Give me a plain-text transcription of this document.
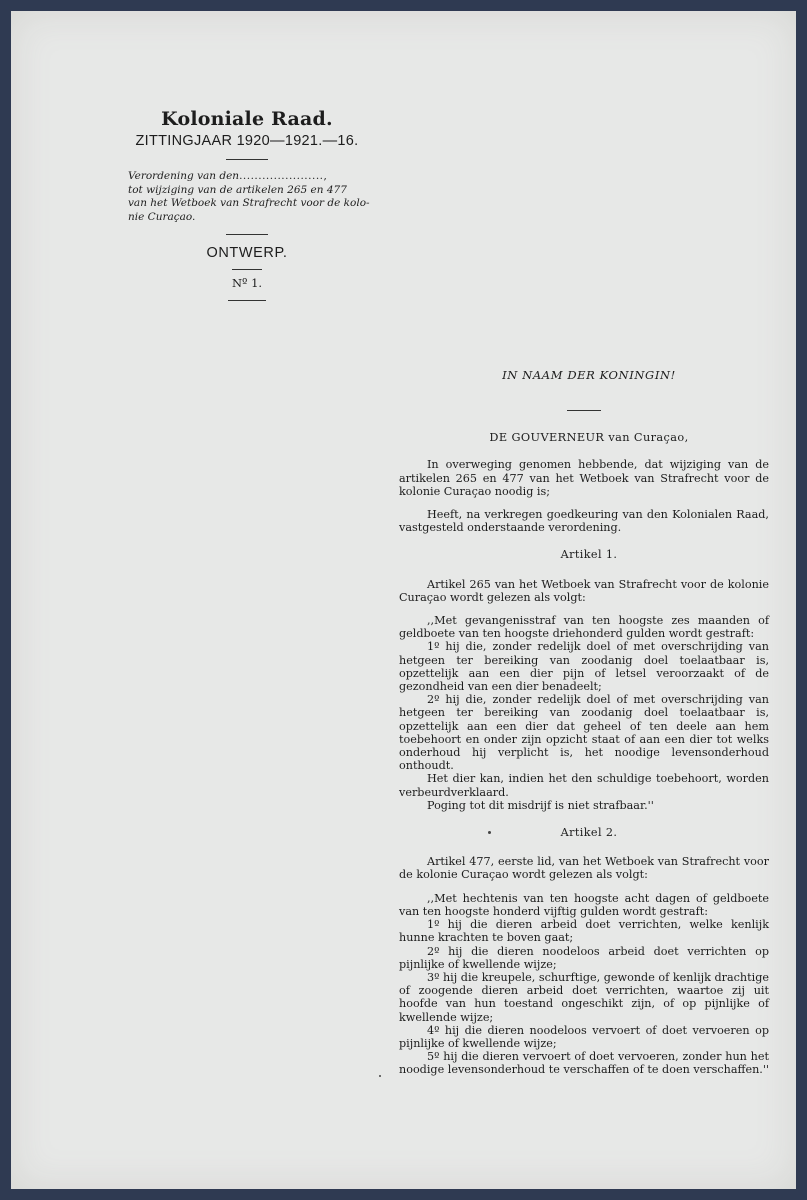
Koloniale Raad.
ZITTINGJAAR 1920—1921.—16.
Verordening van den......................,
tot wijziging van de artikelen 265 en 477
van het Wetboek van Strafrecht voor de kolo-
nie Curaçao.
ONTWERP.
Nº 1.
IN NAAM DER KONINGIN!
DE GOUVERNEUR van Curaçao,

In overweging genomen hebbende, dat wijziging van de artikelen 265 en 477 van het Wetboek van Strafrecht voor de kolonie Curaçao noodig is;

Heeft, na verkregen goedkeuring van den Kolonialen Raad, vastgesteld onderstaande verordening.

Artikel 1.

Artikel 265 van het Wetboek van Strafrecht voor de kolonie Curaçao wordt gelezen als volgt:

,,Met gevangenisstraf van ten hoogste zes maanden of geldboete van ten hoogste driehonderd gulden wordt gestraft:

1º hij die, zonder redelijk doel of met overschrijding van hetgeen ter bereiking van zoodanig doel toelaatbaar is, opzettelijk aan een dier pijn of letsel veroorzaakt of de gezondheid van een dier benadeelt;

2º hij die, zonder redelijk doel of met overschrijding van hetgeen ter bereiking van zoodanig doel toelaatbaar is, opzettelijk aan een dier dat geheel of ten deele aan hem toebehoort en onder zijn opzicht staat of aan een dier tot welks onderhoud hij verplicht is, het noodige levensonderhoud onthoudt.

Het dier kan, indien het den schuldige toebehoort, worden verbeurdverklaard.

Poging tot dit misdrijf is niet strafbaar.''

Artikel 2.

Artikel 477, eerste lid, van het Wetboek van Strafrecht voor de kolonie Curaçao wordt gelezen als volgt:

,,Met hechtenis van ten hoogste acht dagen of geldboete van ten hoogste honderd vijftig gulden wordt gestraft:

1º hij die dieren arbeid doet verrichten, welke kenlijk hunne krachten te boven gaat;

2º hij die dieren noodeloos arbeid doet verrichten op pijnlijke of kwellende wijze;

3º hij die kreupele, schurftige, gewonde of kenlijk drachtige of zoogende dieren arbeid doet verrichten, waartoe zij uit hoofde van hun toestand ongeschikt zijn, of op pijnlijke of kwellende wijze;

4º hij die dieren noodeloos vervoert of doet vervoeren op pijnlijke of kwellende wijze;

5º hij die dieren vervoert of doet vervoeren, zonder hun het noodige levensonderhoud te verschaffen of te doen verschaffen.''
